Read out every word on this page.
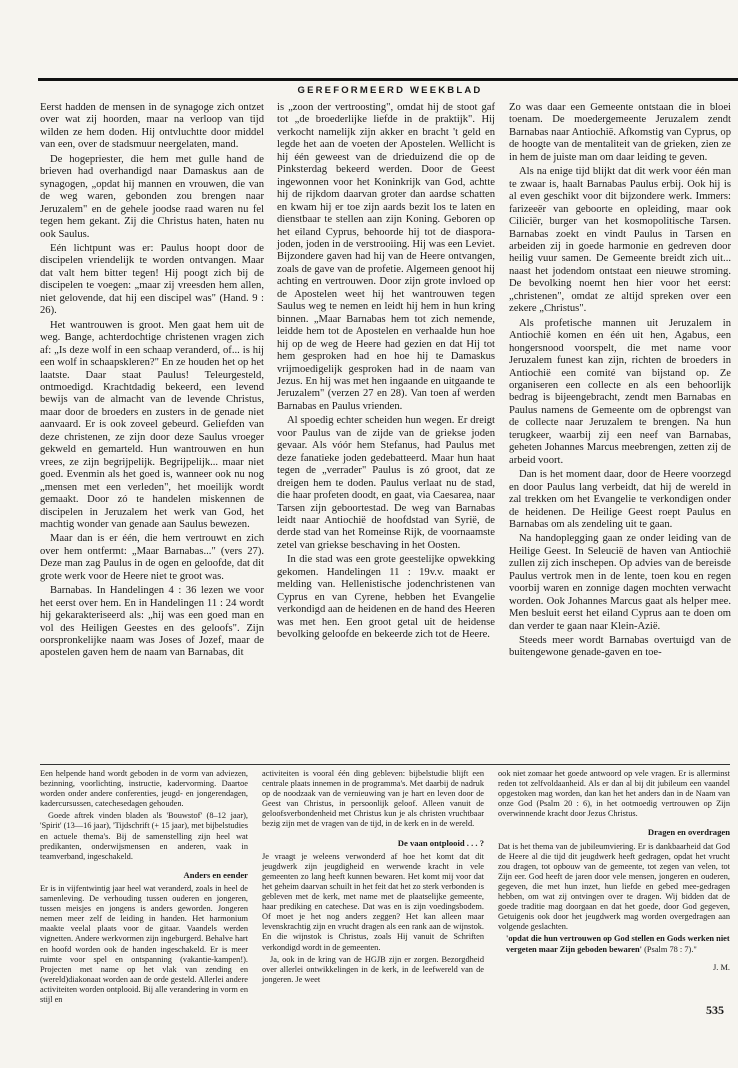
GEREFORMEERD WEEKBLAD

Eerst hadden de mensen in de synagoge zich ontzet over wat zij hoorden, maar na verloop van tijd wilden ze hem doden. Hij ontvluchtte door middel van een, over de stadsmuur neergelaten, mand.

De hogepriester, die hem met gulle hand de brieven had overhandigd naar Damaskus aan de synagogen, „opdat hij mannen en vrouwen, die van de weg waren, gebonden zou brengen naar Jeruzalem" en de gehele joodse raad waren nu fel tegen hem gekant. Zij die Christus haten, haten nu ook Saulus.

Eén lichtpunt was er: Paulus hoopt door de discipelen vriendelijk te worden ontvangen. Maar dat valt hem bitter tegen! Hij poogt zich bij de discipelen te voegen: „maar zij vreesden hem allen, niet gelovende, dat hij een discipel was" (Hand. 9 : 26).

Het wantrouwen is groot. Men gaat hem uit de weg. Bange, achterdochtige christenen vragen zich af: „Is deze wolf in een schaap veranderd, of... is hij een wolf in schaapskleren?" En ze houden het op het laatste. Daar staat Paulus! Teleurgesteld, ontmoedigd. Krachtdadig bekeerd, een levend bewijs van de almacht van de levende Christus, maar door de broeders en zusters in de genade niet aanvaard. Er is ook zoveel gebeurd. Geliefden van deze christenen, ze zijn door deze Saulus vroeger gekweld en gemarteld. Hun wantrouwen en hun vrees, ze zijn begrijpelijk. Begrijpelijk... maar niet goed. Evenmin als het goed is, wanneer ook nu nog „mensen met een verleden", het moeilijk wordt gemaakt. Door zó te handelen miskennen de discipelen in Jeruzalem het werk van God, het machtig wonder van genade aan Saulus bewezen.

Maar dan is er één, die hem vertrouwt en zich over hem ontfermt: „Maar Barnabas..." (vers 27). Deze man zag Paulus in de ogen en geloofde, dat dit grote werk voor de Heere niet te groot was.

Barnabas. In Handelingen 4 : 36 lezen we voor het eerst over hem. En in Handelingen 11 : 24 wordt hij gekarakteriseerd als: „hij was een goed man en vol des Heiligen Geestes en des geloofs". Zijn oorspronkelijke naam was Joses of Jozef, maar de apostelen gaven hem de naam van Barnabas, dit

is „zoon der vertroosting", omdat hij de stoot gaf tot „de broederlijke liefde in de praktijk". Hij verkocht namelijk zijn akker en bracht 't geld en legde het aan de voeten der Apostelen. Wellicht is hij één geweest van de drieduizend die op de Pinksterdag bekeerd werden. Door de Geest ingewonnen voor het Koninkrijk van God, achtte hij de rijkdom daarvan groter dan aardse schatten en kwam hij er toe zijn aards bezit los te laten en dienstbaar te stellen aan zijn Koning. Geboren op het eiland Cyprus, behoorde hij tot de diaspora-joden, joden in de verstrooiing. Hij was een Leviet. Bijzondere gaven had hij van de Heere ontvangen, zoals de gave van de profetie. Algemeen genoot hij achting en vertrouwen. Door zijn grote invloed op de Apostelen weet hij het wantrouwen tegen Saulus weg te nemen en leidt hij hem in hun kring binnen. „Maar Barnabas hem tot zich nemende, leidde hem tot de Apostelen en verhaalde hun hoe hij op de weg de Heere had gezien en dat Hij tot hem gesproken had en hoe hij te Damaskus vrijmoedigelijk gesproken had in de naam van Jezus. En hij was met hen ingaande en uitgaande te Jeruzalem" (verzen 27 en 28). Van toen af werden Barnabas en Paulus vrienden.

Al spoedig echter scheiden hun wegen. Er dreigt voor Paulus van de zijde van de griekse joden gevaar. Als vóór hem Stefanus, had Paulus met deze fanatieke joden gedebatteerd. Maar hun haat tegen de „verrader" Paulus is zó groot, dat ze dreigen hem te doden. Paulus verlaat nu de stad, die haar profeten doodt, en gaat, via Caesarea, naar Tarsen zijn geboortestad. De weg van Barnabas leidt naar Antiochië de hoofdstad van Syrië, de derde stad van het Romeinse Rijk, de voornaamste zetel van griekse beschaving in het Oosten.

In die stad was een grote geestelijke opwekking gekomen. Handelingen 11 : 19v.v. maakt er melding van. Hellenistische jodenchristenen van Cyprus en van Cyrene, hebben het Evangelie verkondigd aan de heidenen en de hand des Heeren was met hen. Een groot getal uit de heidense bevolking geloofde en bekeerde zich tot de Heere.

Zo was daar een Gemeente ontstaan die in bloei toenam. De moedergemeente Jeruzalem zendt Barnabas naar Antiochië. Afkomstig van Cyprus, op de hoogte van de mentaliteit van de grieken, zien ze in hem de juiste man om daar leiding te geven.

Als na enige tijd blijkt dat dit werk voor één man te zwaar is, haalt Barnabas Paulus erbij. Ook hij is al even geschikt voor dit bijzondere werk. Immers: farizeeër van geboorte en opleiding, maar ook Ciliciër, burger van het kosmopolitische Tarsen. Barnabas zoekt en vindt Paulus in Tarsen en arbeiden zij in goede harmonie en gedreven door heilig vuur samen. De Gemeente breidt zich uit... naast het jodendom ontstaat een nieuwe stroming. De bevolking noemt hen hier voor het eerst: „christenen", omdat ze altijd spreken over een zekere „Christus".

Als profetische mannen uit Jeruzalem in Antiochië komen en één uit hen, Agabus, een hongersnood voorspelt, die met name voor Jeruzalem funest kan zijn, richten de broeders in Antiochië een comité van bijstand op. Ze organiseren een collecte en als een behoorlijk bedrag is bijeengebracht, zendt men Barnabas en Paulus namens de Gemeente om de opbrengst van de collecte naar Jeruzalem te brengen. Na hun terugkeer, waarbij zij een neef van Barnabas, geheten Johannes Marcus meebrengen, zetten zij de arbeid voort.

Dan is het moment daar, door de Heere voorzegd en door Paulus lang verbeidt, dat hij de wereld in zal trekken om het Evangelie te verkondigen onder de heidenen. De Heilige Geest roept Paulus en Barnabas om als zendeling uit te gaan.

Na handoplegging gaan ze onder leiding van de Heilige Geest. In Seleucië de haven van Antiochië zullen zij zich inschepen. Op advies van de bereisde Paulus vertrok men in de lente, toen kou en regen voorbij waren en zonnige dagen mochten verwacht worden. Ook Johannes Marcus gaat als helper mee. Men besluit eerst het eiland Cyprus aan te doen om dan verder te gaan naar Klein-Azië.

Steeds meer wordt Barnabas overtuigd van de buitengewone genade-gaven en toe-

Een helpende hand wordt geboden in de vorm van adviezen, bezinning, voorlichting, instructie, kadervorming. Daartoe worden onder andere conferenties, jeugd- en jongerendagen, kadercursussen, catechesedagen gehouden.

Goede aftrek vinden bladen als 'Bouwstof' (8–12 jaar), 'Spirit' (13—16 jaar), 'Tijdschrift (+ 15 jaar), met bijbelstudies en actuele thema's. Bij de samenstelling zijn heel wat predikanten, onderwijsmensen en anderen, vaak in teamverband, ingeschakeld.

Anders en eender

Er is in vijfentwintig jaar heel wat veranderd, zoals in heel de samenleving. De verhouding tussen ouderen en jongeren, tussen meisjes en jongens is anders geworden. Jongeren nemen meer zelf de leiding in handen. Het harmonium maakte veelal plaats voor de gitaar. Vaandels werden vignetten. Andere werkvormen zijn ingeburgerd. Behalve hart en hoofd worden ook de handen ingeschakeld. Er is meer ruimte voor spel en ontspanning (vakantie-kampen!). Projecten met name op het vlak van zending en (wereld)diakonaat worden aan de orde gesteld. Allerlei andere activiteiten worden ontplooid. Bij alle verandering in vorm en stijl en

activiteiten is vooral één ding gebleven: bijbelstudie blijft een centrale plaats innemen in de programma's. Met daarbij de nadruk op de noodzaak van de vernieuwing van je hart en leven door de Geest van Christus, in persoonlijk geloof. Alleen vanuit de geloofsverbondenheid met Christus kun je als christen vruchtbaar bezig zijn met de vragen van de tijd, in de kerk en in de wereld.

De vaan ontplooid . . . ?

Je vraagt je weleens verwonderd af hoe het komt dat dit jeugdwerk zijn jeugdigheid en werwende kracht in vele gemeenten zo lang heeft kunnen bewaren. Het komt mij voor dat het geheim daarvan schuilt in het feit dat het zo sterk verbonden is gebleven met de kerk, met name met de plaatselijke gemeente, haar prediking en catechese. Dat was en is zijn voedingsbodem. Of moet je het nog anders zeggen? Het kan alleen maar levenskrachtig zijn en vrucht dragen als een rank aan de wijnstok. En die wijnstok is Christus, zoals Hij vanuit de Schriften verkondigd wordt in de gemeenten.

Ja, ook in de kring van de HGJB zijn er zorgen. Bezorgdheid over allerlei ontwikkelingen in de kerk, in de leefwereld van de jongeren. Je weet

ook niet zomaar het goede antwoord op vele vragen. Er is allerminst reden tot zelfvoldaanheid. Als er dan al bij dit jubileum een vaandel opgestoken mag worden, dan kan het het anders dan in de Naam van onze God (Psalm 20 : 6), in het ootmoedig vertrouwen op Zijn overwinnende kracht door Jezus Christus.

Dragen en overdragen

Dat is het thema van de jubileumviering. Er is dankbaarheid dat God de Heere al die tijd dit jeugdwerk heeft gedragen, opdat het vrucht zou dragen, tot opbouw van de gemeente, tot zegen van velen, tot Zijn eer. God heeft de jaren door vele mensen, jongeren en ouderen, gegeven, die met hun inzet, hun liefde en gebed mee-gedragen hebben, om wat zij ontvingen over te dragen. Wij bidden dat de goede traditie mag doorgaan en dat het goede, door God gegeven, Getuigenis ook door het jeugdwerk mag worden overgedragen aan volgende geslachten.

'opdat die hun vertrouwen op God stellen en Gods werken niet vergeten maar Zijn geboden bewaren' (Psalm 78 : 7)."
J. M.
535
